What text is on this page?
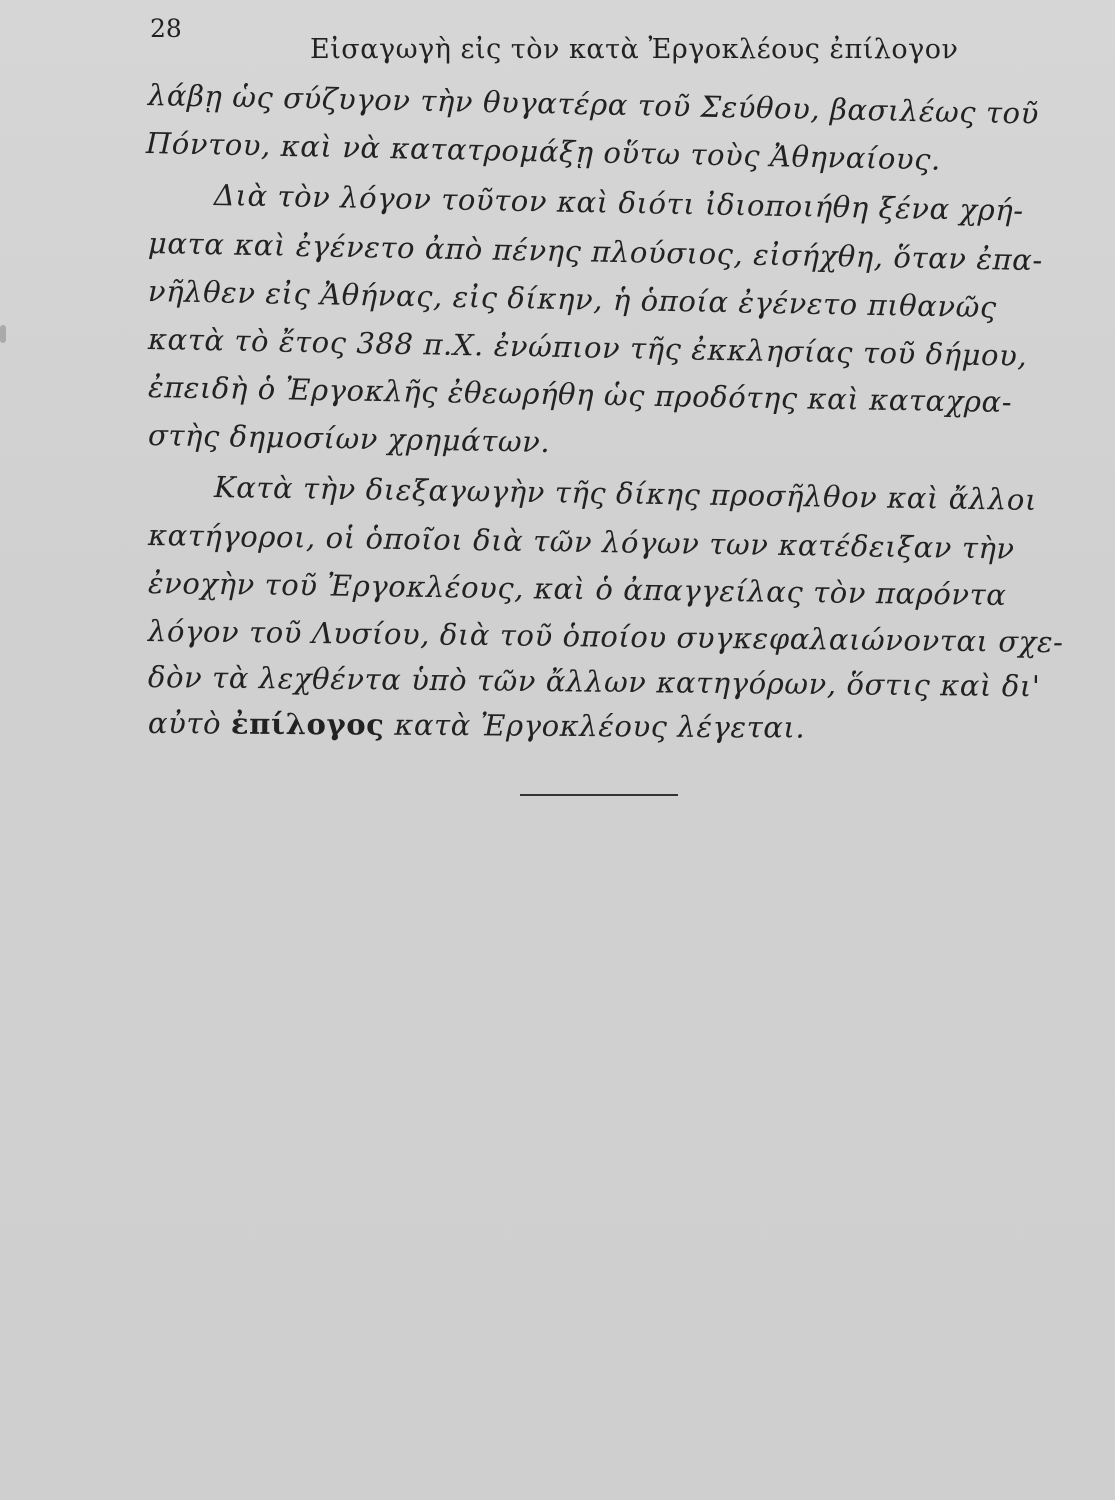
28
Εἰσαγωγὴ εἰς τὸν κατὰ Ἐργοκλέους ἐπίλογον
λάβῃ ὡς σύζυγον τὴν θυγατέρα τοῦ Σεύθου, βασιλέως τοῦ
Πόντου, καὶ νὰ κατατρομάξῃ οὕτω τοὺς Ἀθηναίους.
Διὰ τὸν λόγον τοῦτον καὶ διότι ἰδιοποιήθη ξένα χρή-
ματα καὶ ἐγένετο ἀπὸ πένης πλούσιος, εἰσήχθη, ὅταν ἐπα-
νῆλθεν εἰς Ἀθήνας, εἰς δίκην, ἡ ὁποία ἐγένετο πιθανῶς
κατὰ τὸ ἔτος 388 π.Χ. ἐνώπιον τῆς ἐκκλησίας τοῦ δήμου,
ἐπειδὴ ὁ Ἐργοκλῆς ἐθεωρήθη ὡς προδότης καὶ καταχρα-
στὴς δημοσίων χρημάτων.
Κατὰ τὴν διεξαγωγὴν τῆς δίκης προσῆλθον καὶ ἄλλοι
κατήγοροι, οἱ ὁποῖοι διὰ τῶν λόγων των κατέδειξαν τὴν
ἐνοχὴν τοῦ Ἐργοκλέους, καὶ ὁ ἀπαγγείλας τὸν παρόντα
λόγον τοῦ Λυσίου, διὰ τοῦ ὁποίου συγκεφαλαιώνονται σχε-
δὸν τὰ λεχθέντα ὑπὸ τῶν ἄλλων κατηγόρων, ὅστις καὶ δι'
αὐτὸ ἐπίλογος κατὰ Ἐργοκλέους λέγεται.
